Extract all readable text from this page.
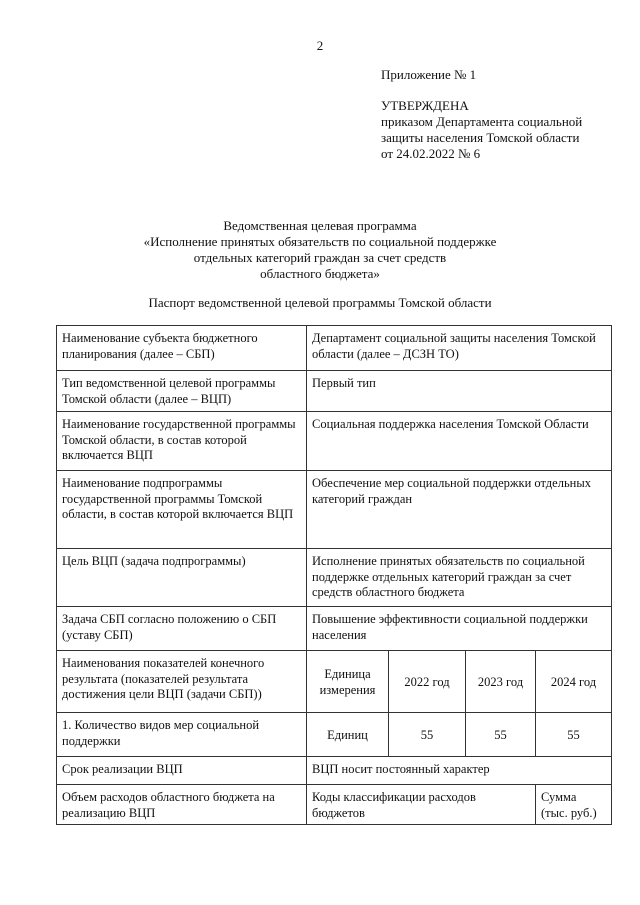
2
Приложение № 1
УТВЕРЖДЕНА
приказом Департамента социальной
защиты населения Томской области
от 24.02.2022 № 6
Ведомственная целевая программа
«Исполнение принятых обязательств по социальной поддержке
отдельных категорий граждан за счет средств
областного бюджета»
Паспорт ведомственной целевой программы Томской области
Наименование субъекта бюджетного планирования (далее – СБП)	Департамент социальной защиты населения Томской области (далее – ДСЗН ТО)			
Тип ведомственной целевой программы Томской области (далее – ВЦП)	Первый тип			
Наименование государственной программы Томской области, в состав которой включается ВЦП	Социальная поддержка населения Томской Области			
Наименование подпрограммы государственной программы Томской области, в состав которой включается ВЦП	Обеспечение мер социальной поддержки отдельных категорий граждан			
Цель ВЦП (задача подпрограммы)	Исполнение принятых обязательств по социальной поддержке отдельных категорий граждан за счет средств областного бюджета			
Задача СБП согласно положению о СБП (уставу СБП)	Повышение эффективности социальной поддержки населения			
Наименования показателей конечного результата (показателей результата достижения цели ВЦП (задачи СБП))	Единица измерения	2022 год	2023 год	2024 год
1. Количество видов мер социальной поддержки	Единиц	55	55	55
Срок реализации ВЦП	ВЦП носит постоянный характер			
Объем расходов областного бюджета на реализацию ВЦП	Коды классификации расходов бюджетов			Сумма (тыс. руб.)
